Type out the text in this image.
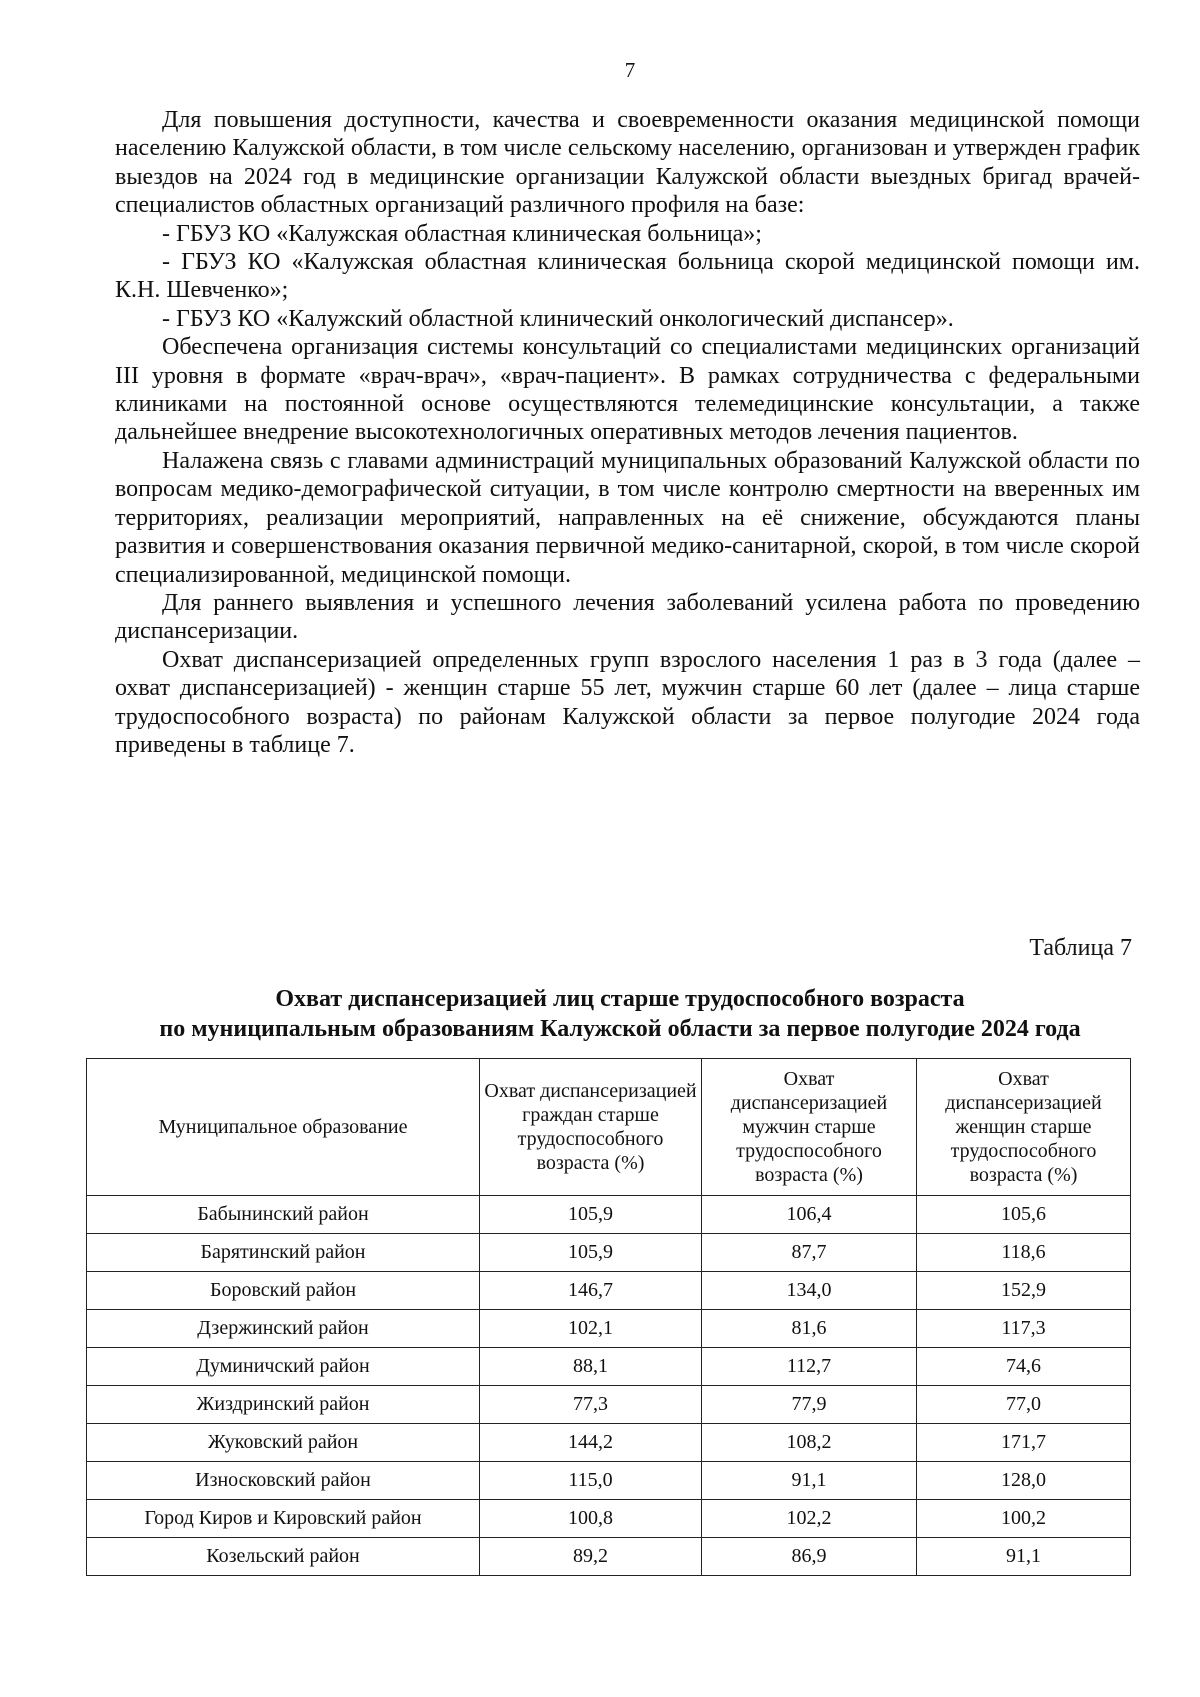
7

Для повышения доступности, качества и своевременности оказания медицинской помощи населению Калужской области, в том числе сельскому населению, организован и утвержден график выездов на 2024 год в медицинские организации Калужской области выездных бригад врачей-специалистов областных организаций различного профиля на базе:

- ГБУЗ КО «Калужская областная клиническая больница»;

- ГБУЗ КО «Калужская областная клиническая больница скорой медицинской помощи им. К.Н. Шевченко»;

- ГБУЗ КО «Калужский областной клинический онкологический диспансер».

Обеспечена организация системы консультаций со специалистами медицинских организаций III уровня в формате «врач-врач», «врач-пациент». В рамках сотрудничества с федеральными клиниками на постоянной основе осуществляются телемедицинские консультации, а также дальнейшее внедрение высокотехнологичных оперативных методов лечения пациентов.

Налажена связь с главами администраций муниципальных образований Калужской области по вопросам медико-демографической ситуации, в том числе контролю смертности на вверенных им территориях, реализации мероприятий, направленных на её снижение, обсуждаются планы развития и совершенствования оказания первичной медико-санитарной, скорой, в том числе скорой специализированной, медицинской помощи.

Для раннего выявления и успешного лечения заболеваний усилена работа по проведению диспансеризации.

Охват диспансеризацией определенных групп взрослого населения 1 раз в 3 года (далее – охват диспансеризацией) - женщин старше 55 лет, мужчин старше 60 лет (далее – лица старше трудоспособного возраста) по районам Калужской области за первое полугодие 2024 года приведены в таблице 7.

Таблица 7
Охват диспансеризацией лиц старше трудоспособного возраста
по муниципальным образованиям Калужской области за первое полугодие 2024 года
Муниципальное образование	Охват диспансеризацией граждан старше трудоспособного возраста (%)	Охват диспансеризацией мужчин старше трудоспособного возраста (%)	Охват диспансеризацией женщин старше трудоспособного возраста (%)
Бабынинский район	105,9	106,4	105,6
Барятинский район	105,9	87,7	118,6
Боровский район	146,7	134,0	152,9
Дзержинский район	102,1	81,6	117,3
Думиничский район	88,1	112,7	74,6
Жиздринский район	77,3	77,9	77,0
Жуковский район	144,2	108,2	171,7
Износковский район	115,0	91,1	128,0
Город Киров и Кировский район	100,8	102,2	100,2
Козельский район	89,2	86,9	91,1
